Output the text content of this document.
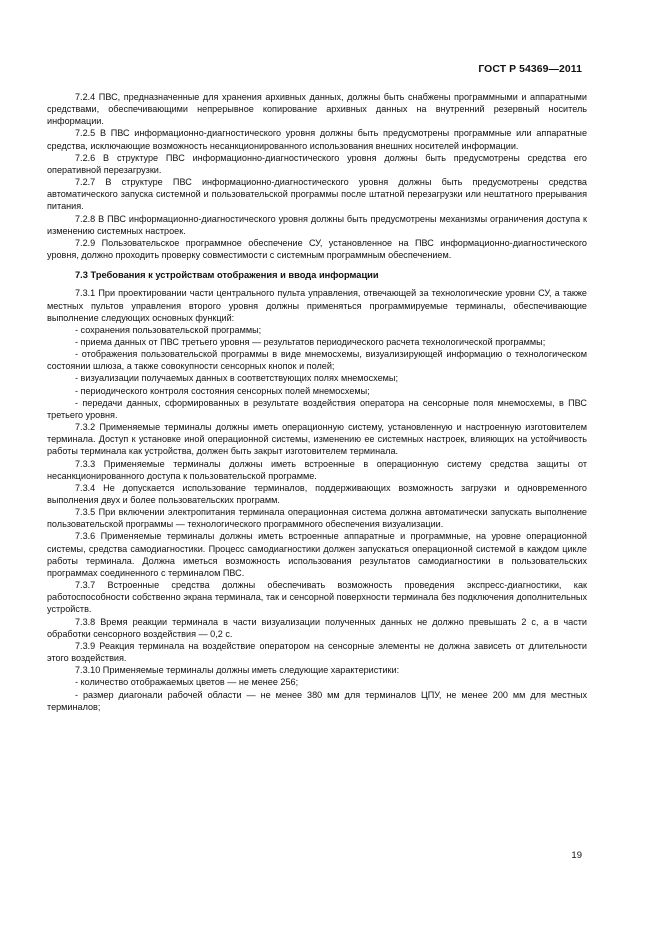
ГОСТ Р 54369—2011

7.2.4 ПВС, предназначенные для хранения архивных данных, должны быть снабжены программными и аппаратными средствами, обеспечивающими непрерывное копирование архивных данных на внутренний резервный носитель информации.

7.2.5 В ПВС информационно-диагностического уровня должны быть предусмотрены программные или аппаратные средства, исключающие возможность несанкционированного использования внешних носителей информации.

7.2.6 В структуре ПВС информационно-диагностического уровня должны быть предусмотрены средства его оперативной перезагрузки.

7.2.7 В структуре ПВС информационно-диагностического уровня должны быть предусмотрены средства автоматического запуска системной и пользовательской программы после штатной перезагрузки или нештатного прерывания питания.

7.2.8 В ПВС информационно-диагностического уровня должны быть предусмотрены механизмы ограничения доступа к изменению системных настроек.

7.2.9 Пользовательское программное обеспечение СУ, установленное на ПВС информационно-диагностического уровня, должно проходить проверку совместимости с системным программным обеспечением.

7.3 Требования к устройствам отображения и ввода информации

7.3.1 При проектировании части центрального пульта управления, отвечающей за технологические уровни СУ, а также местных пультов управления второго уровня должны применяться программируемые терминалы, обеспечивающие выполнение следующих основных функций:

- сохранения пользовательской программы;

- приема данных от ПВС третьего уровня — результатов периодического расчета технологической программы;

- отображения пользовательской программы в виде мнемосхемы, визуализирующей информацию о технологическом состоянии шлюза, а также совокупности сенсорных кнопок и полей;

- визуализации получаемых данных в соответствующих полях мнемосхемы;

- периодического контроля состояния сенсорных полей мнемосхемы;

- передачи данных, сформированных в результате воздействия оператора на сенсорные поля мнемосхемы, в ПВС третьего уровня.

7.3.2 Применяемые терминалы должны иметь операционную систему, установленную и настроенную изготовителем терминала. Доступ к установке иной операционной системы, изменению ее системных настроек, влияющих на устойчивость работы терминала как устройства, должен быть закрыт изготовителем терминала.

7.3.3 Применяемые терминалы должны иметь встроенные в операционную систему средства защиты от несанкционированного доступа к пользовательской программе.

7.3.4 Не допускается использование терминалов, поддерживающих возможность загрузки и одновременного выполнения двух и более пользовательских программ.

7.3.5 При включении электропитания терминала операционная система должна автоматически запускать выполнение пользовательской программы — технологического программного обеспечения визуализации.

7.3.6 Применяемые терминалы должны иметь встроенные аппаратные и программные, на уровне операционной системы, средства самодиагностики. Процесс самодиагностики должен запускаться операционной системой в каждом цикле работы терминала. Должна иметься возможность использования результатов самодиагностики в пользовательских программах соединенного с терминалом ПВС.

7.3.7 Встроенные средства должны обеспечивать возможность проведения экспресс-диагностики, как работоспособности собственно экрана терминала, так и сенсорной поверхности терминала без подключения дополнительных устройств.

7.3.8 Время реакции терминала в части визуализации полученных данных не должно превышать 2 с, а в части обработки сенсорного воздействия — 0,2 с.

7.3.9 Реакция терминала на воздействие оператором на сенсорные элементы не должна зависеть от длительности этого воздействия.

7.3.10 Применяемые терминалы должны иметь следующие характеристики:

- количество отображаемых цветов — не менее 256;

- размер диагонали рабочей области — не менее 380 мм для терминалов ЦПУ, не менее 200 мм для местных терминалов;

19
